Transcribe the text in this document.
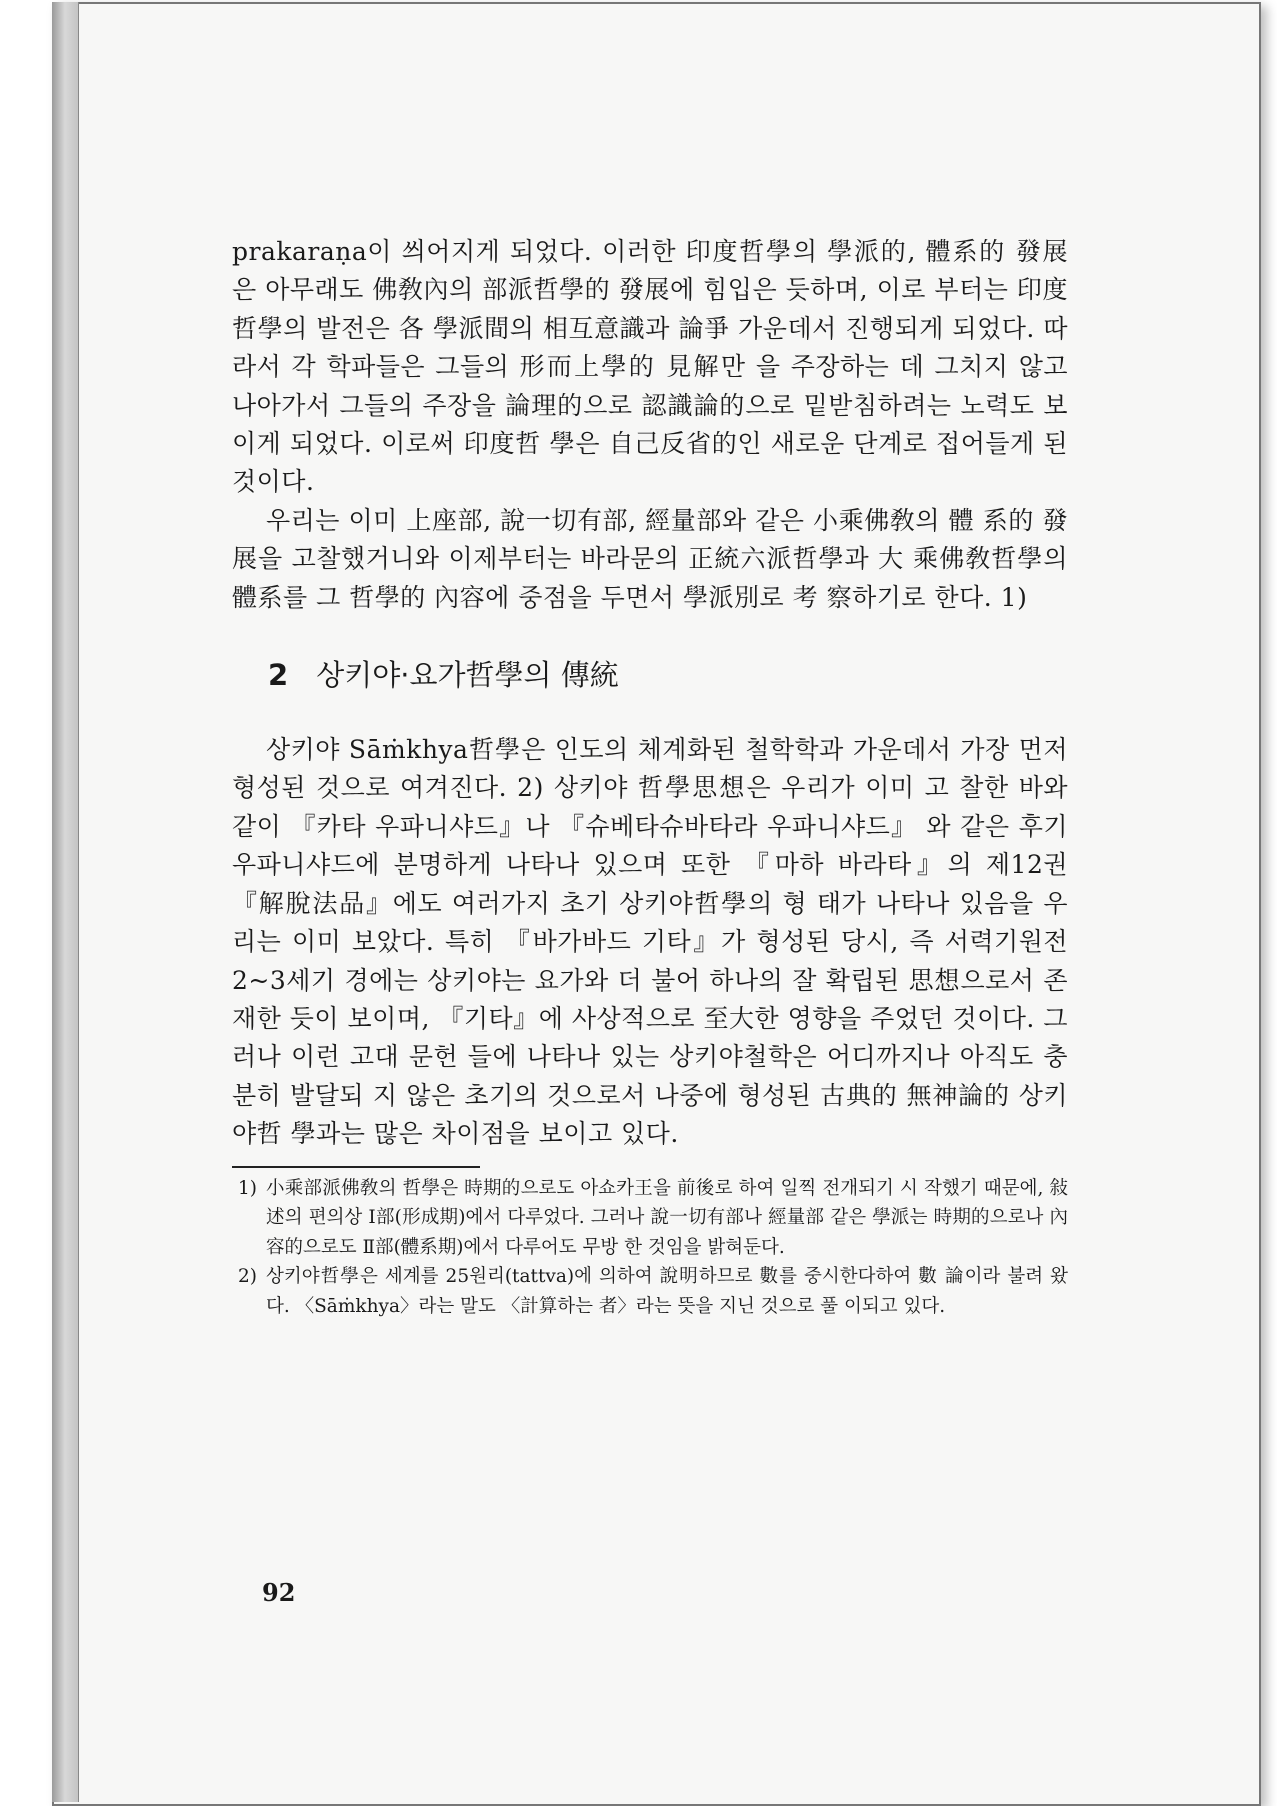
prakaraṇa이 씌어지게 되었다. 이러한 印度哲學의 學派的, 體系的 發展은 아무래도 佛敎內의 部派哲學的 發展에 힘입은 듯하며, 이로 부터는 印度哲學의 발전은 各 學派間의 相互意識과 論爭 가운데서 진행되게 되었다. 따라서 각 학파들은 그들의 形而上學的 見解만 을 주장하는 데 그치지 않고 나아가서 그들의 주장을 論理的으로 認識論的으로 밑받침하려는 노력도 보이게 되었다. 이로써 印度哲 學은 自己反省的인 새로운 단계로 접어들게 된 것이다.

우리는 이미 上座部, 說一切有部, 經量部와 같은 小乘佛敎의 體 系的 發展을 고찰했거니와 이제부터는 바라문의 正統六派哲學과 大 乘佛敎哲學의 體系를 그 哲學的 內容에 중점을 두면서 學派別로 考 察하기로 한다. 1)

2 상키야·요가哲學의 傳統

상키야 Sāṁkhya哲學은 인도의 체계화된 철학학과 가운데서 가장 먼저 형성된 것으로 여겨진다. 2) 상키야 哲學思想은 우리가 이미 고 찰한 바와 같이 『카타 우파니샤드』나 『슈베타슈바타라 우파니샤드』 와 같은 후기 우파니샤드에 분명하게 나타나 있으며 또한 『마하 바라타』의 제12권 『解脫法品』에도 여러가지 초기 상키야哲學의 형 태가 나타나 있음을 우리는 이미 보았다. 특히 『바가바드 기타』가 형성된 당시, 즉 서력기원전 2~3세기 경에는 상키야는 요가와 더 불어 하나의 잘 확립된 思想으로서 존재한 듯이 보이며, 『기타』에 사상적으로 至大한 영향을 주었던 것이다. 그러나 이런 고대 문헌 들에 나타나 있는 상키야철학은 어디까지나 아직도 충분히 발달되 지 않은 초기의 것으로서 나중에 형성된 古典的 無神論的 상키야哲 學과는 많은 차이점을 보이고 있다.

1) 小乘部派佛敎의 哲學은 時期的으로도 아쇼카王을 前後로 하여 일찍 전개되기 시 작했기 때문에, 敍述의 편의상 Ⅰ部(形成期)에서 다루었다. 그러나 說一切有部나 經量部 같은 學派는 時期的으로나 內容的으로도 Ⅱ部(體系期)에서 다루어도 무방 한 것임을 밝혀둔다.
2) 상키야哲學은 세계를 25원리(tattva)에 의하여 說明하므로 數를 중시한다하여 數 論이라 불려 왔다. 〈Sāṁkhya〉라는 말도 〈計算하는 者〉라는 뜻을 지닌 것으로 풀 이되고 있다.
92
